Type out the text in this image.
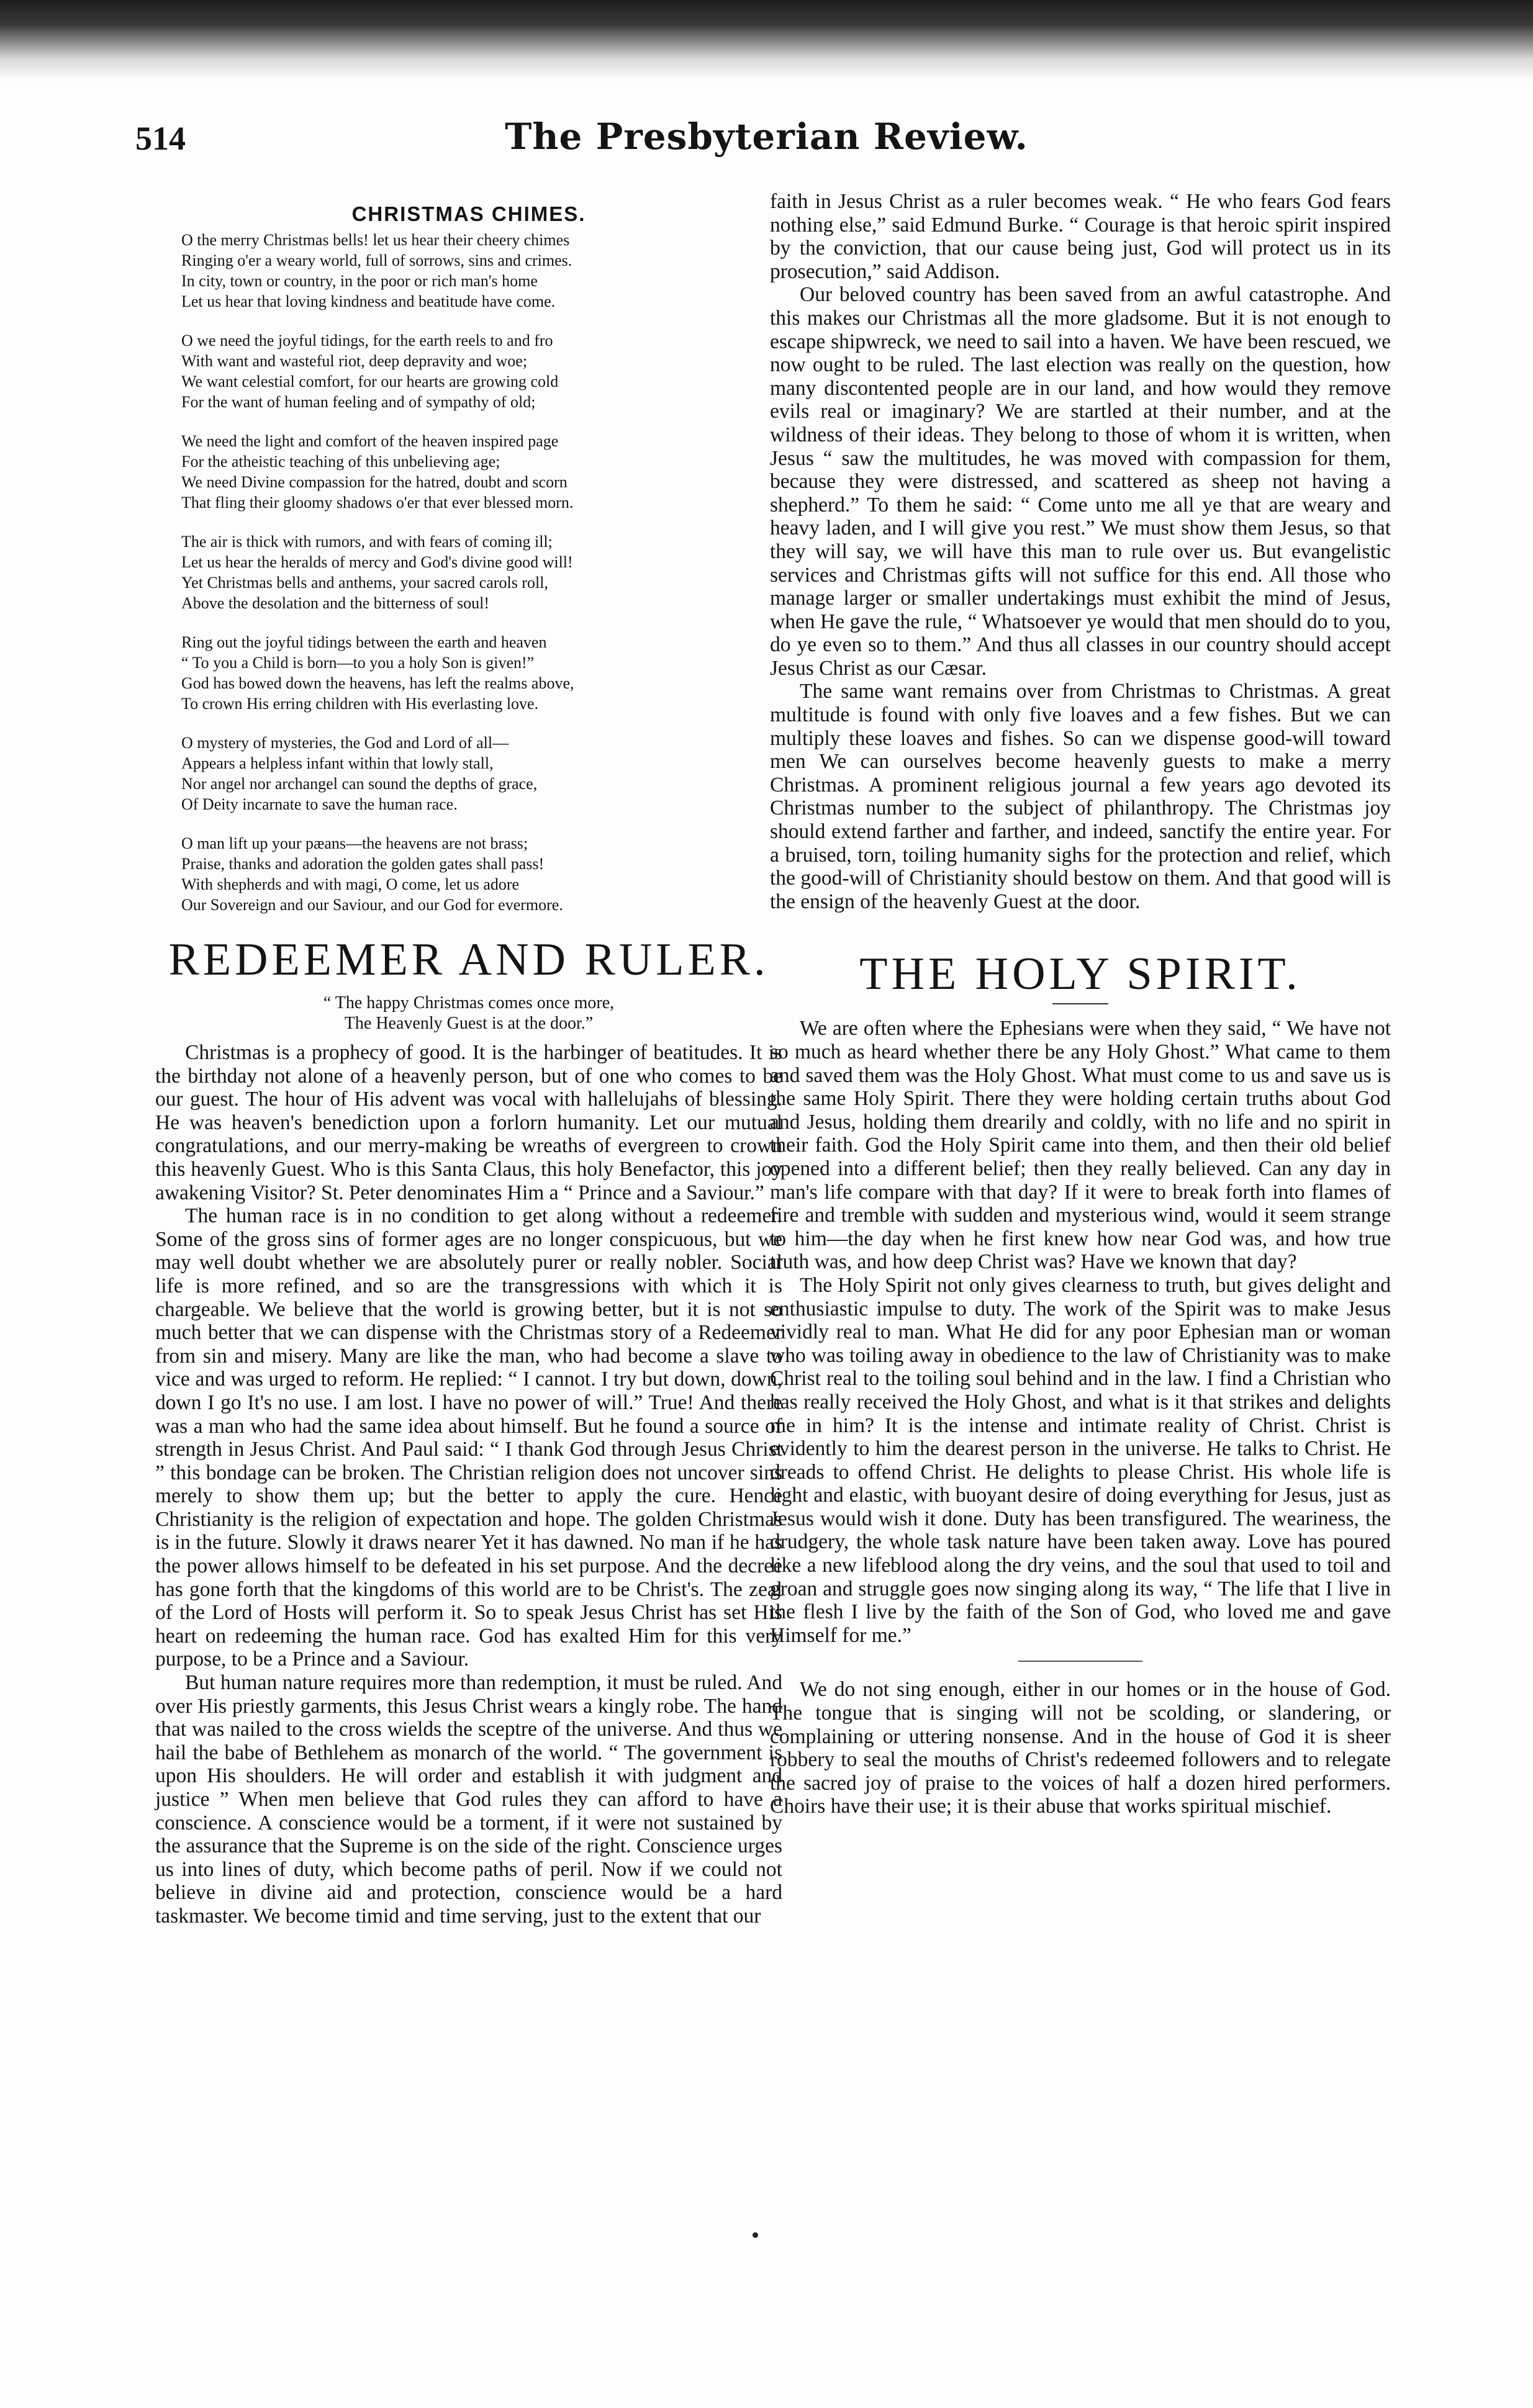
514	The Presbyterian Review.
CHRISTMAS CHIMES.
O the merry Christmas bells! let us hear their cheery chimes
Ringing o'er a weary world, full of sorrows, sins and crimes.
In city, town or country, in the poor or rich man's home
Let us hear that loving kindness and beatitude have come.
O we need the joyful tidings, for the earth reels to and fro
With want and wasteful riot, deep depravity and woe;
We want celestial comfort, for our hearts are growing cold
For the want of human feeling and of sympathy of old;
We need the light and comfort of the heaven inspired page
For the atheistic teaching of this unbelieving age;
We need Divine compassion for the hatred, doubt and scorn
That fling their gloomy shadows o'er that ever blessed morn.
The air is thick with rumors, and with fears of coming ill;
Let us hear the heralds of mercy and God's divine good will!
Yet Christmas bells and anthems, your sacred carols roll,
Above the desolation and the bitterness of soul!
Ring out the joyful tidings between the earth and heaven
“ To you a Child is born—to you a holy Son is given!”
God has bowed down the heavens, has left the realms above,
To crown His erring children with His everlasting love.
O mystery of mysteries, the God and Lord of all—
Appears a helpless infant within that lowly stall,
Nor angel nor archangel can sound the depths of grace,
Of Deity incarnate to save the human race.
O man lift up your pæans—the heavens are not brass;
Praise, thanks and adoration the golden gates shall pass!
With shepherds and with magi, O come, let us adore
Our Sovereign and our Saviour, and our God for evermore.
REDEEMER AND RULER.
“ The happy Christmas comes once more,
The Heavenly Guest is at the door.”

Christmas is a prophecy of good. It is the harbinger of beatitudes. It is the birthday not alone of a heavenly person, but of one who comes to be our guest. The hour of His advent was vocal with hallelujahs of blessing. He was heaven's benediction upon a forlorn humanity. Let our mutual congratulations, and our merry-making be wreaths of evergreen to crown this heavenly Guest. Who is this Santa Claus, this holy Benefactor, this joy awakening Visitor? St. Peter denominates Him a “ Prince and a Saviour.”

The human race is in no condition to get along without a redeemer. Some of the gross sins of former ages are no longer conspicuous, but we may well doubt whether we are absolutely purer or really nobler. Social life is more refined, and so are the transgressions with which it is chargeable. We believe that the world is growing better, but it is not so much better that we can dispense with the Christmas story of a Redeemer from sin and misery. Many are like the man, who had become a slave to vice and was urged to reform. He replied: “ I cannot. I try but down, down, down I go It's no use. I am lost. I have no power of will.” True! And there was a man who had the same idea about himself. But he found a source of strength in Jesus Christ. And Paul said: “ I thank God through Jesus Christ ” this bondage can be broken. The Christian religion does not uncover sins merely to show them up; but the better to apply the cure. Hence Christianity is the religion of expectation and hope. The golden Christmas is in the future. Slowly it draws nearer Yet it has dawned. No man if he has the power allows himself to be defeated in his set purpose. And the decree has gone forth that the kingdoms of this world are to be Christ's. The zeal of the Lord of Hosts will perform it. So to speak Jesus Christ has set His heart on redeeming the human race. God has exalted Him for this very purpose, to be a Prince and a Saviour.

But human nature requires more than redemption, it must be ruled. And over His priestly garments, this Jesus Christ wears a kingly robe. The hand that was nailed to the cross wields the sceptre of the universe. And thus we hail the babe of Bethlehem as monarch of the world. “ The government is upon His shoulders. He will order and establish it with judgment and justice ” When men believe that God rules they can afford to have a conscience. A conscience would be a torment, if it were not sustained by the assurance that the Supreme is on the side of the right. Conscience urges us into lines of duty, which become paths of peril. Now if we could not believe in divine aid and protection, conscience would be a hard taskmaster. We become timid and time serving, just to the extent that our

faith in Jesus Christ as a ruler becomes weak. “ He who fears God fears nothing else,” said Edmund Burke. “ Courage is that heroic spirit inspired by the conviction, that our cause being just, God will protect us in its prosecution,” said Addison.

Our beloved country has been saved from an awful catastrophe. And this makes our Christmas all the more gladsome. But it is not enough to escape shipwreck, we need to sail into a haven. We have been rescued, we now ought to be ruled. The last election was really on the question, how many discontented people are in our land, and how would they remove evils real or imaginary? We are startled at their number, and at the wildness of their ideas. They belong to those of whom it is written, when Jesus “ saw the multitudes, he was moved with compassion for them, because they were distressed, and scattered as sheep not having a shepherd.” To them he said: “ Come unto me all ye that are weary and heavy laden, and I will give you rest.” We must show them Jesus, so that they will say, we will have this man to rule over us. But evangelistic services and Christmas gifts will not suffice for this end. All those who manage larger or smaller undertakings must exhibit the mind of Jesus, when He gave the rule, “ Whatsoever ye would that men should do to you, do ye even so to them.” And thus all classes in our country should accept Jesus Christ as our Cæsar.

The same want remains over from Christmas to Christmas. A great multitude is found with only five loaves and a few fishes. But we can multiply these loaves and fishes. So can we dispense good-will toward men We can ourselves become heavenly guests to make a merry Christmas. A prominent religious journal a few years ago devoted its Christmas number to the subject of philanthropy. The Christmas joy should extend farther and farther, and indeed, sanctify the entire year. For a bruised, torn, toiling humanity sighs for the protection and relief, which the good-will of Christianity should bestow on them. And that good will is the ensign of the heavenly Guest at the door.

THE HOLY SPIRIT.

We are often where the Ephesians were when they said, “ We have not so much as heard whether there be any Holy Ghost.” What came to them and saved them was the Holy Ghost. What must come to us and save us is the same Holy Spirit. There they were holding certain truths about God and Jesus, holding them drearily and coldly, with no life and no spirit in their faith. God the Holy Spirit came into them, and then their old belief opened into a different belief; then they really believed. Can any day in man's life compare with that day? If it were to break forth into flames of fire and tremble with sudden and mysterious wind, would it seem strange to him—the day when he first knew how near God was, and how true truth was, and how deep Christ was? Have we known that day?

The Holy Spirit not only gives clearness to truth, but gives delight and enthusiastic impulse to duty. The work of the Spirit was to make Jesus vividly real to man. What He did for any poor Ephesian man or woman who was toiling away in obedience to the law of Christianity was to make Christ real to the toiling soul behind and in the law. I find a Christian who has really received the Holy Ghost, and what is it that strikes and delights me in him? It is the intense and intimate reality of Christ. Christ is evidently to him the dearest person in the universe. He talks to Christ. He dreads to offend Christ. He delights to please Christ. His whole life is light and elastic, with buoyant desire of doing everything for Jesus, just as Jesus would wish it done. Duty has been transfigured. The weariness, the drudgery, the whole task nature have been taken away. Love has poured like a new lifeblood along the dry veins, and the soul that used to toil and groan and struggle goes now singing along its way, “ The life that I live in the flesh I live by the faith of the Son of God, who loved me and gave Himself for me.”

We do not sing enough, either in our homes or in the house of God. The tongue that is singing will not be scolding, or slandering, or complaining or uttering nonsense. And in the house of God it is sheer robbery to seal the mouths of Christ's redeemed followers and to relegate the sacred joy of praise to the voices of half a dozen hired performers. Choirs have their use; it is their abuse that works spiritual mischief.
